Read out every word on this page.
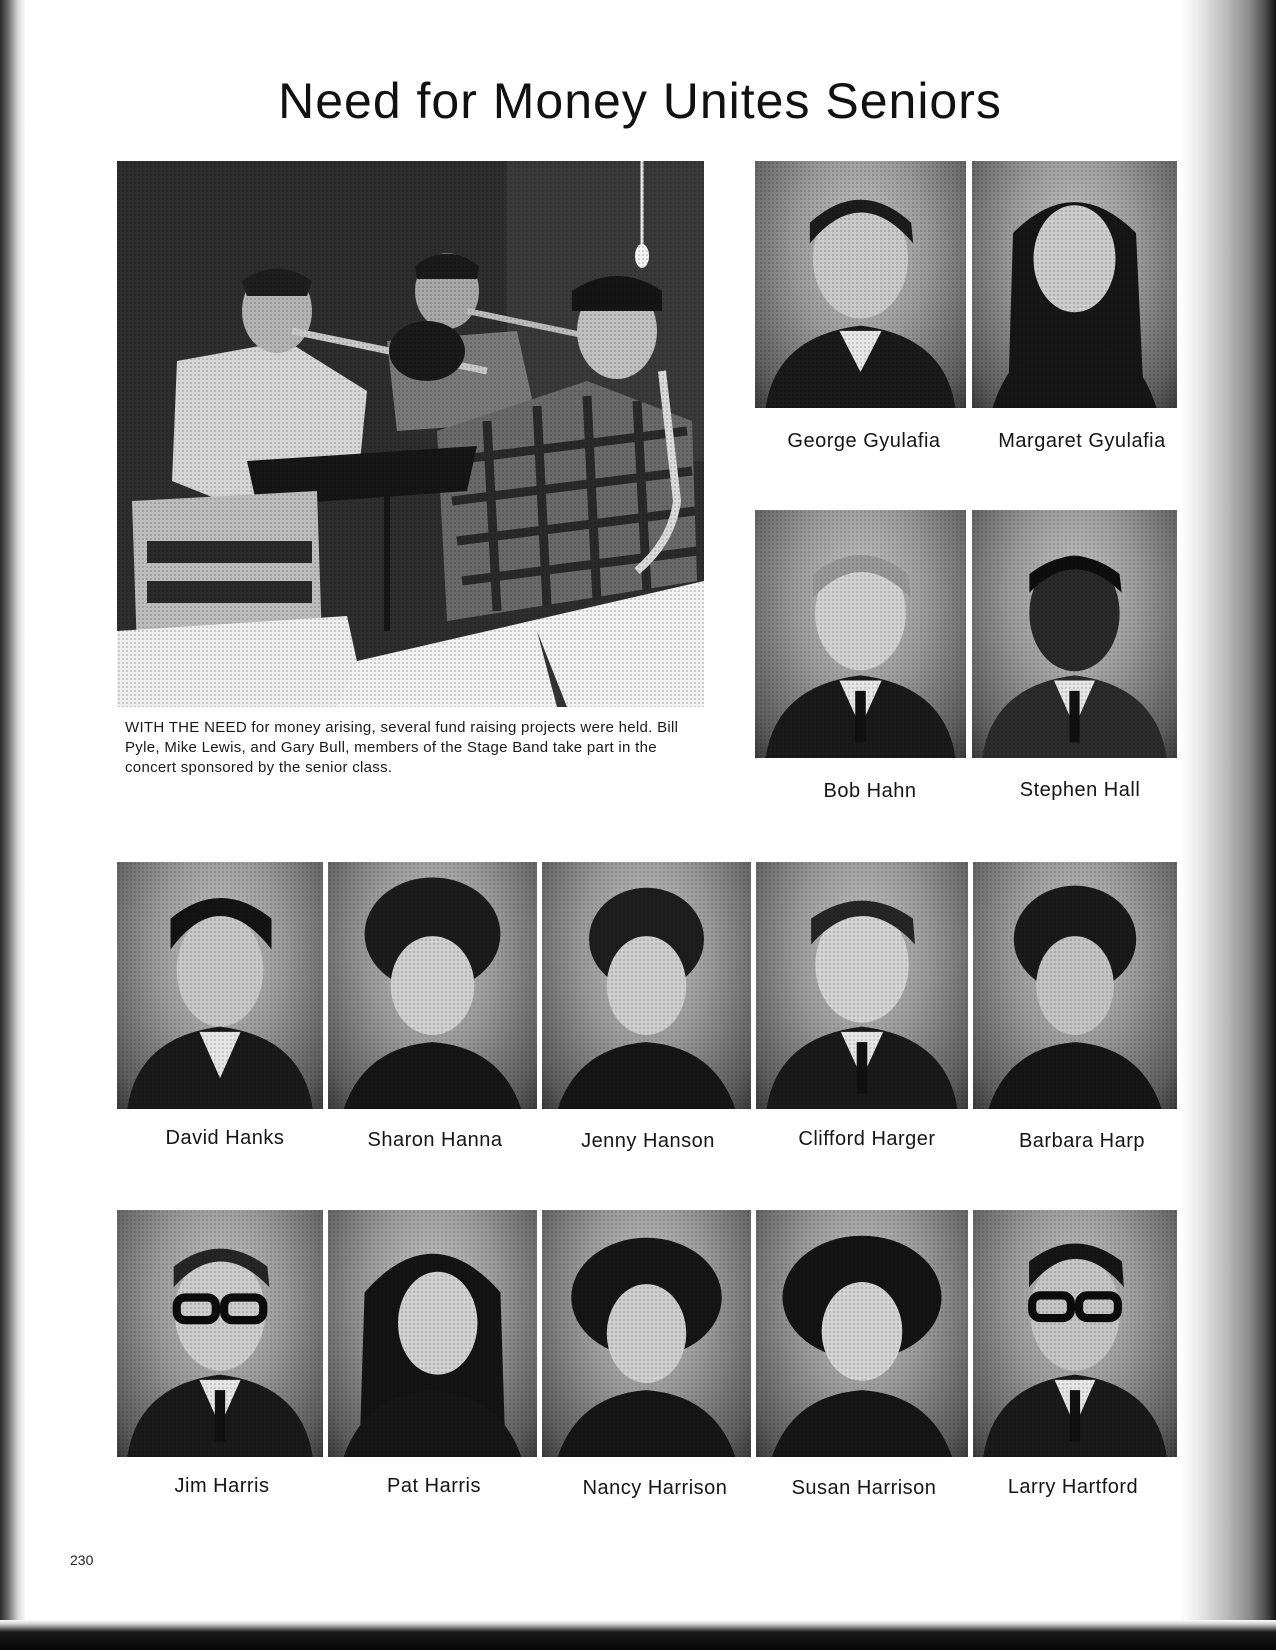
Need for Money Unites Seniors

WITH THE NEED for money arising, several fund raising projects were held. Bill Pyle, Mike Lewis, and Gary Bull, members of the Stage Band take part in the concert sponsored by the senior class.

George Gyulafia	Margaret Gyulafia
Bob Hahn	Stephen Hall
David Hanks	Sharon Hanna	Jenny Hanson	Clifford Harger	Barbara Harp
Jim Harris	Pat Harris	Nancy Harrison	Susan Harrison	Larry Hartford
230
